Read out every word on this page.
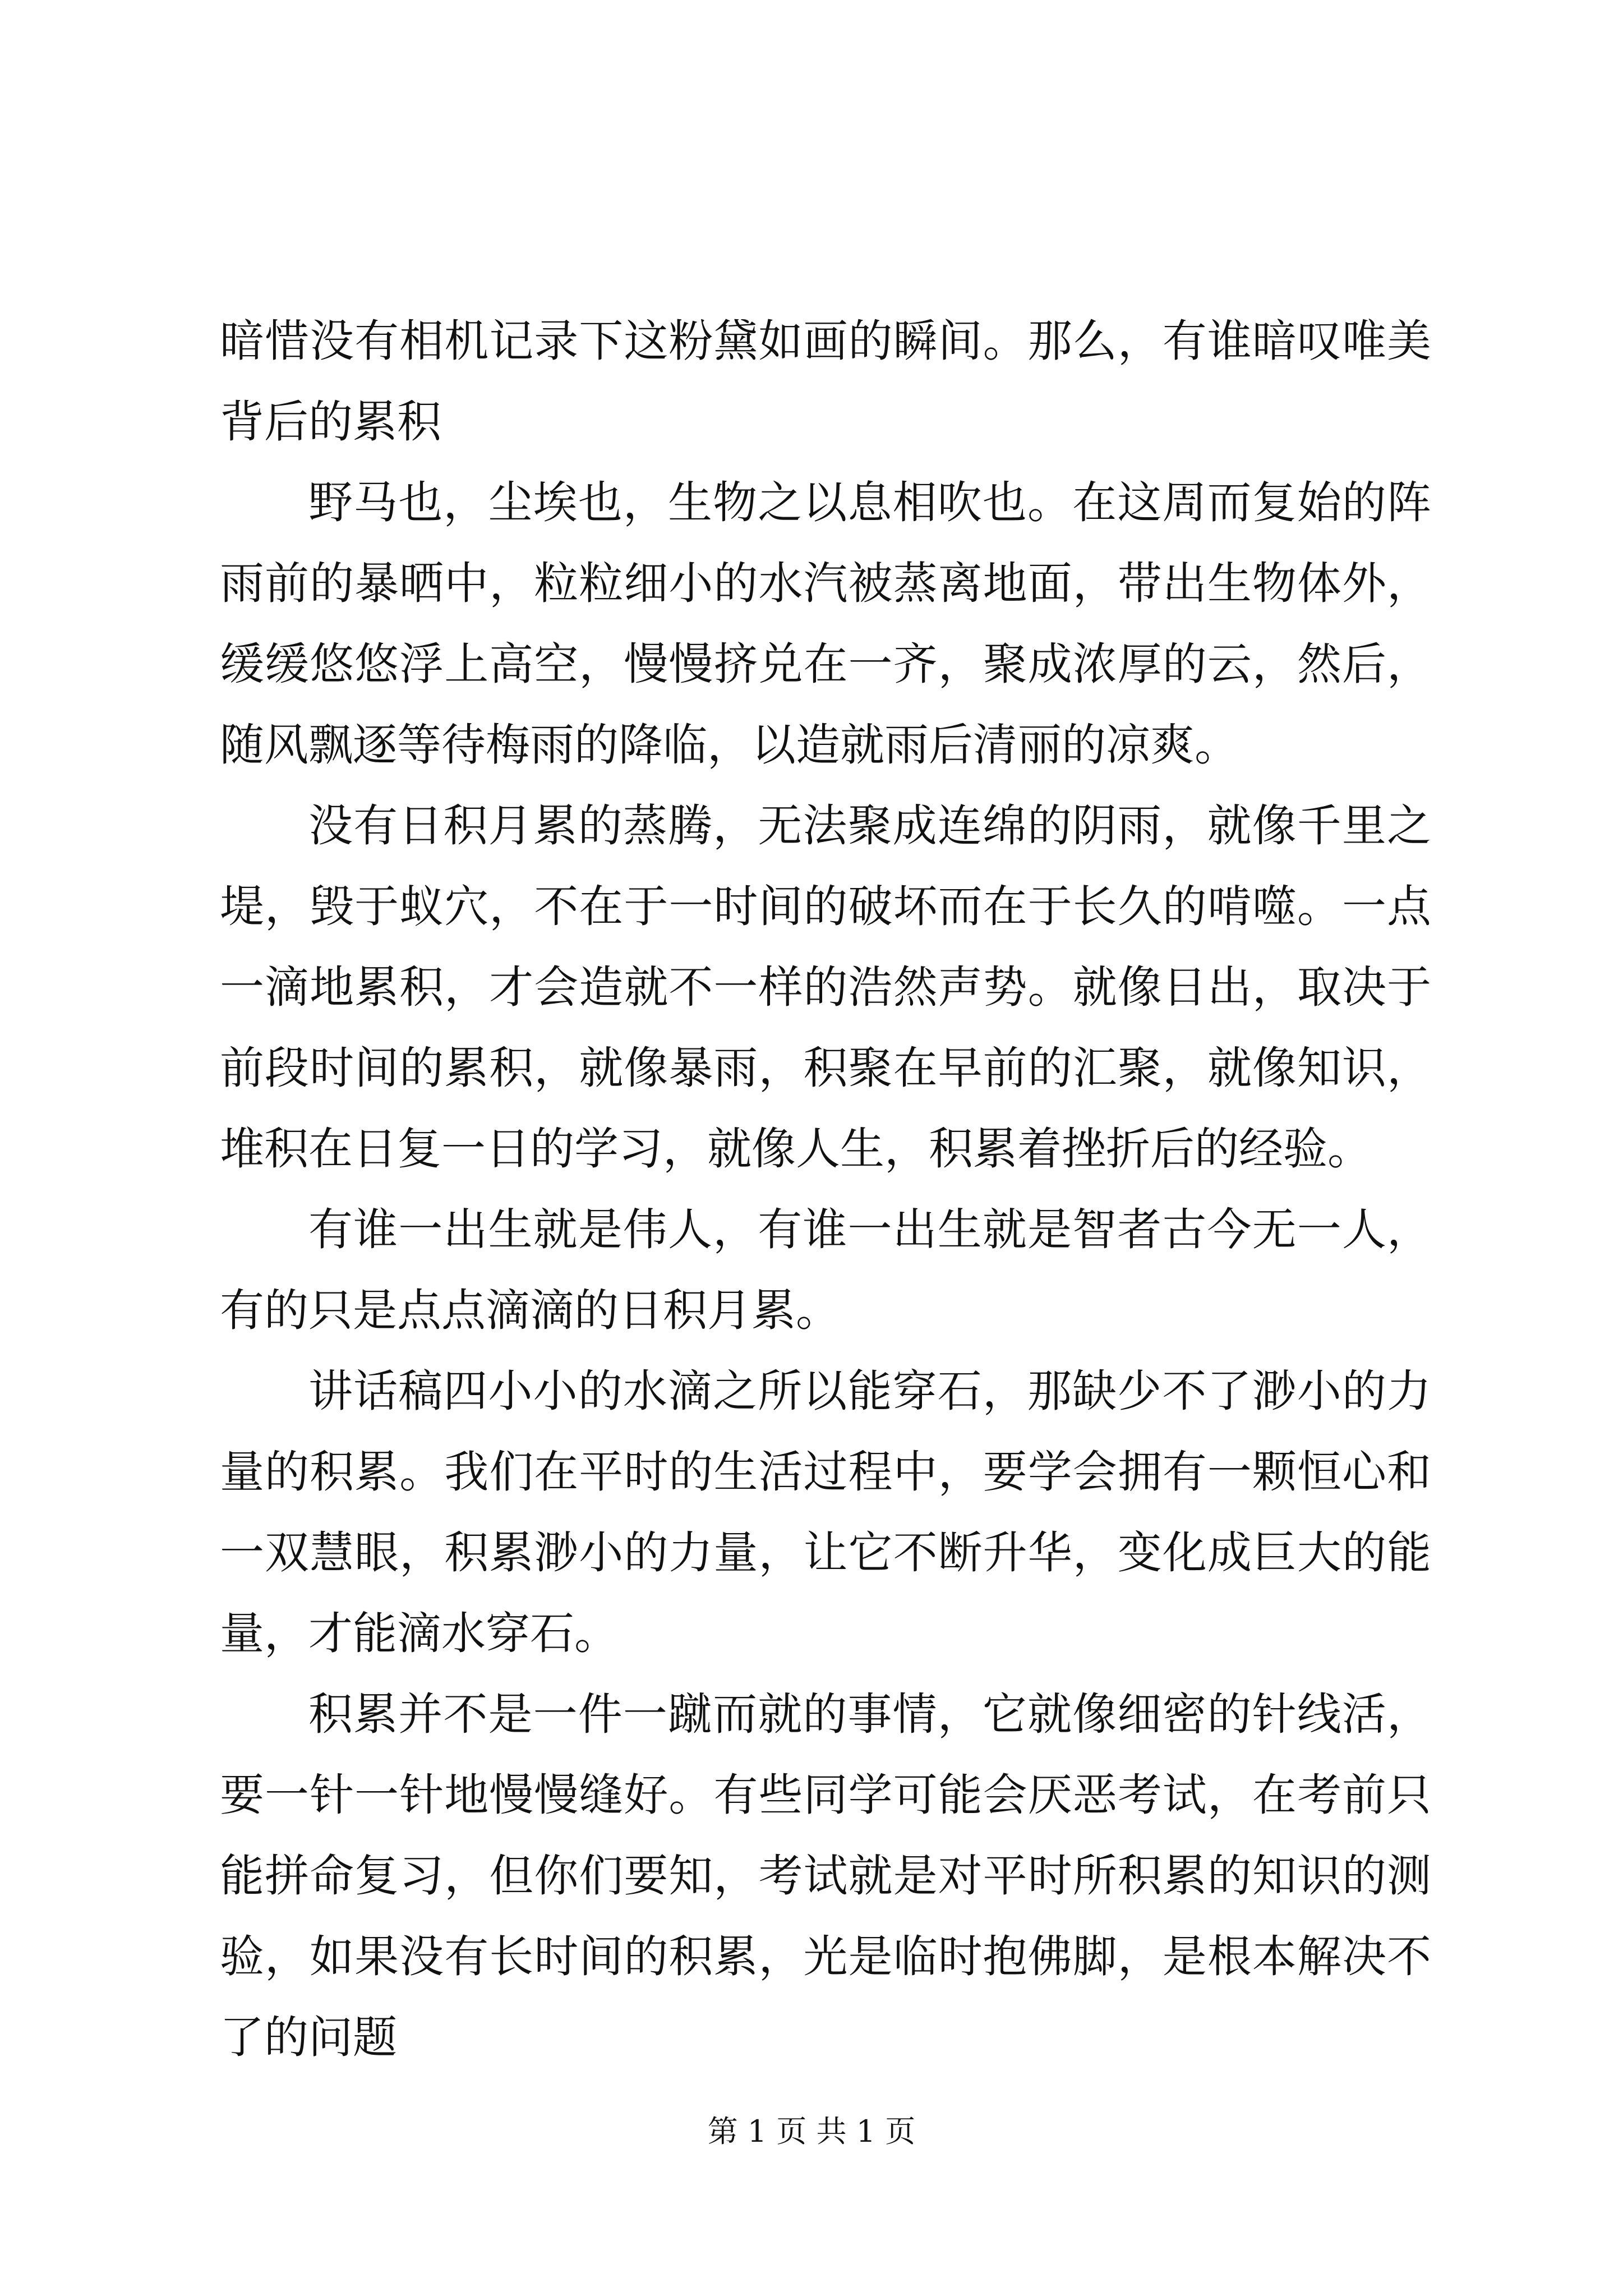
暗惜没有相机记录下这粉黛如画的瞬间。那么，有谁暗叹唯美背后的累积

野马也，尘埃也，生物之以息相吹也。在这周而复始的阵雨前的暴晒中，粒粒细小的水汽被蒸离地面，带出生物体外，缓缓悠悠浮上高空，慢慢挤兑在一齐，聚成浓厚的云，然后，随风飘逐等待梅雨的降临，以造就雨后清丽的凉爽。

没有日积月累的蒸腾，无法聚成连绵的阴雨，就像千里之堤，毁于蚁穴，不在于一时间的破坏而在于长久的啃噬。一点一滴地累积，才会造就不一样的浩然声势。就像日出，取决于前段时间的累积，就像暴雨，积聚在早前的汇聚，就像知识，堆积在日复一日的学习，就像人生，积累着挫折后的经验。

有谁一出生就是伟人，有谁一出生就是智者古今无一人，有的只是点点滴滴的日积月累。

讲话稿四小小的水滴之所以能穿石，那缺少不了渺小的力量的积累。我们在平时的生活过程中，要学会拥有一颗恒心和一双慧眼，积累渺小的力量，让它不断升华，变化成巨大的能量，才能滴水穿石。

积累并不是一件一蹴而就的事情，它就像细密的针线活，要一针一针地慢慢缝好。有些同学可能会厌恶考试，在考前只能拼命复习，但你们要知，考试就是对平时所积累的知识的测验，如果没有长时间的积累，光是临时抱佛脚，是根本解决不了的问题

第 1 页 共 1 页
